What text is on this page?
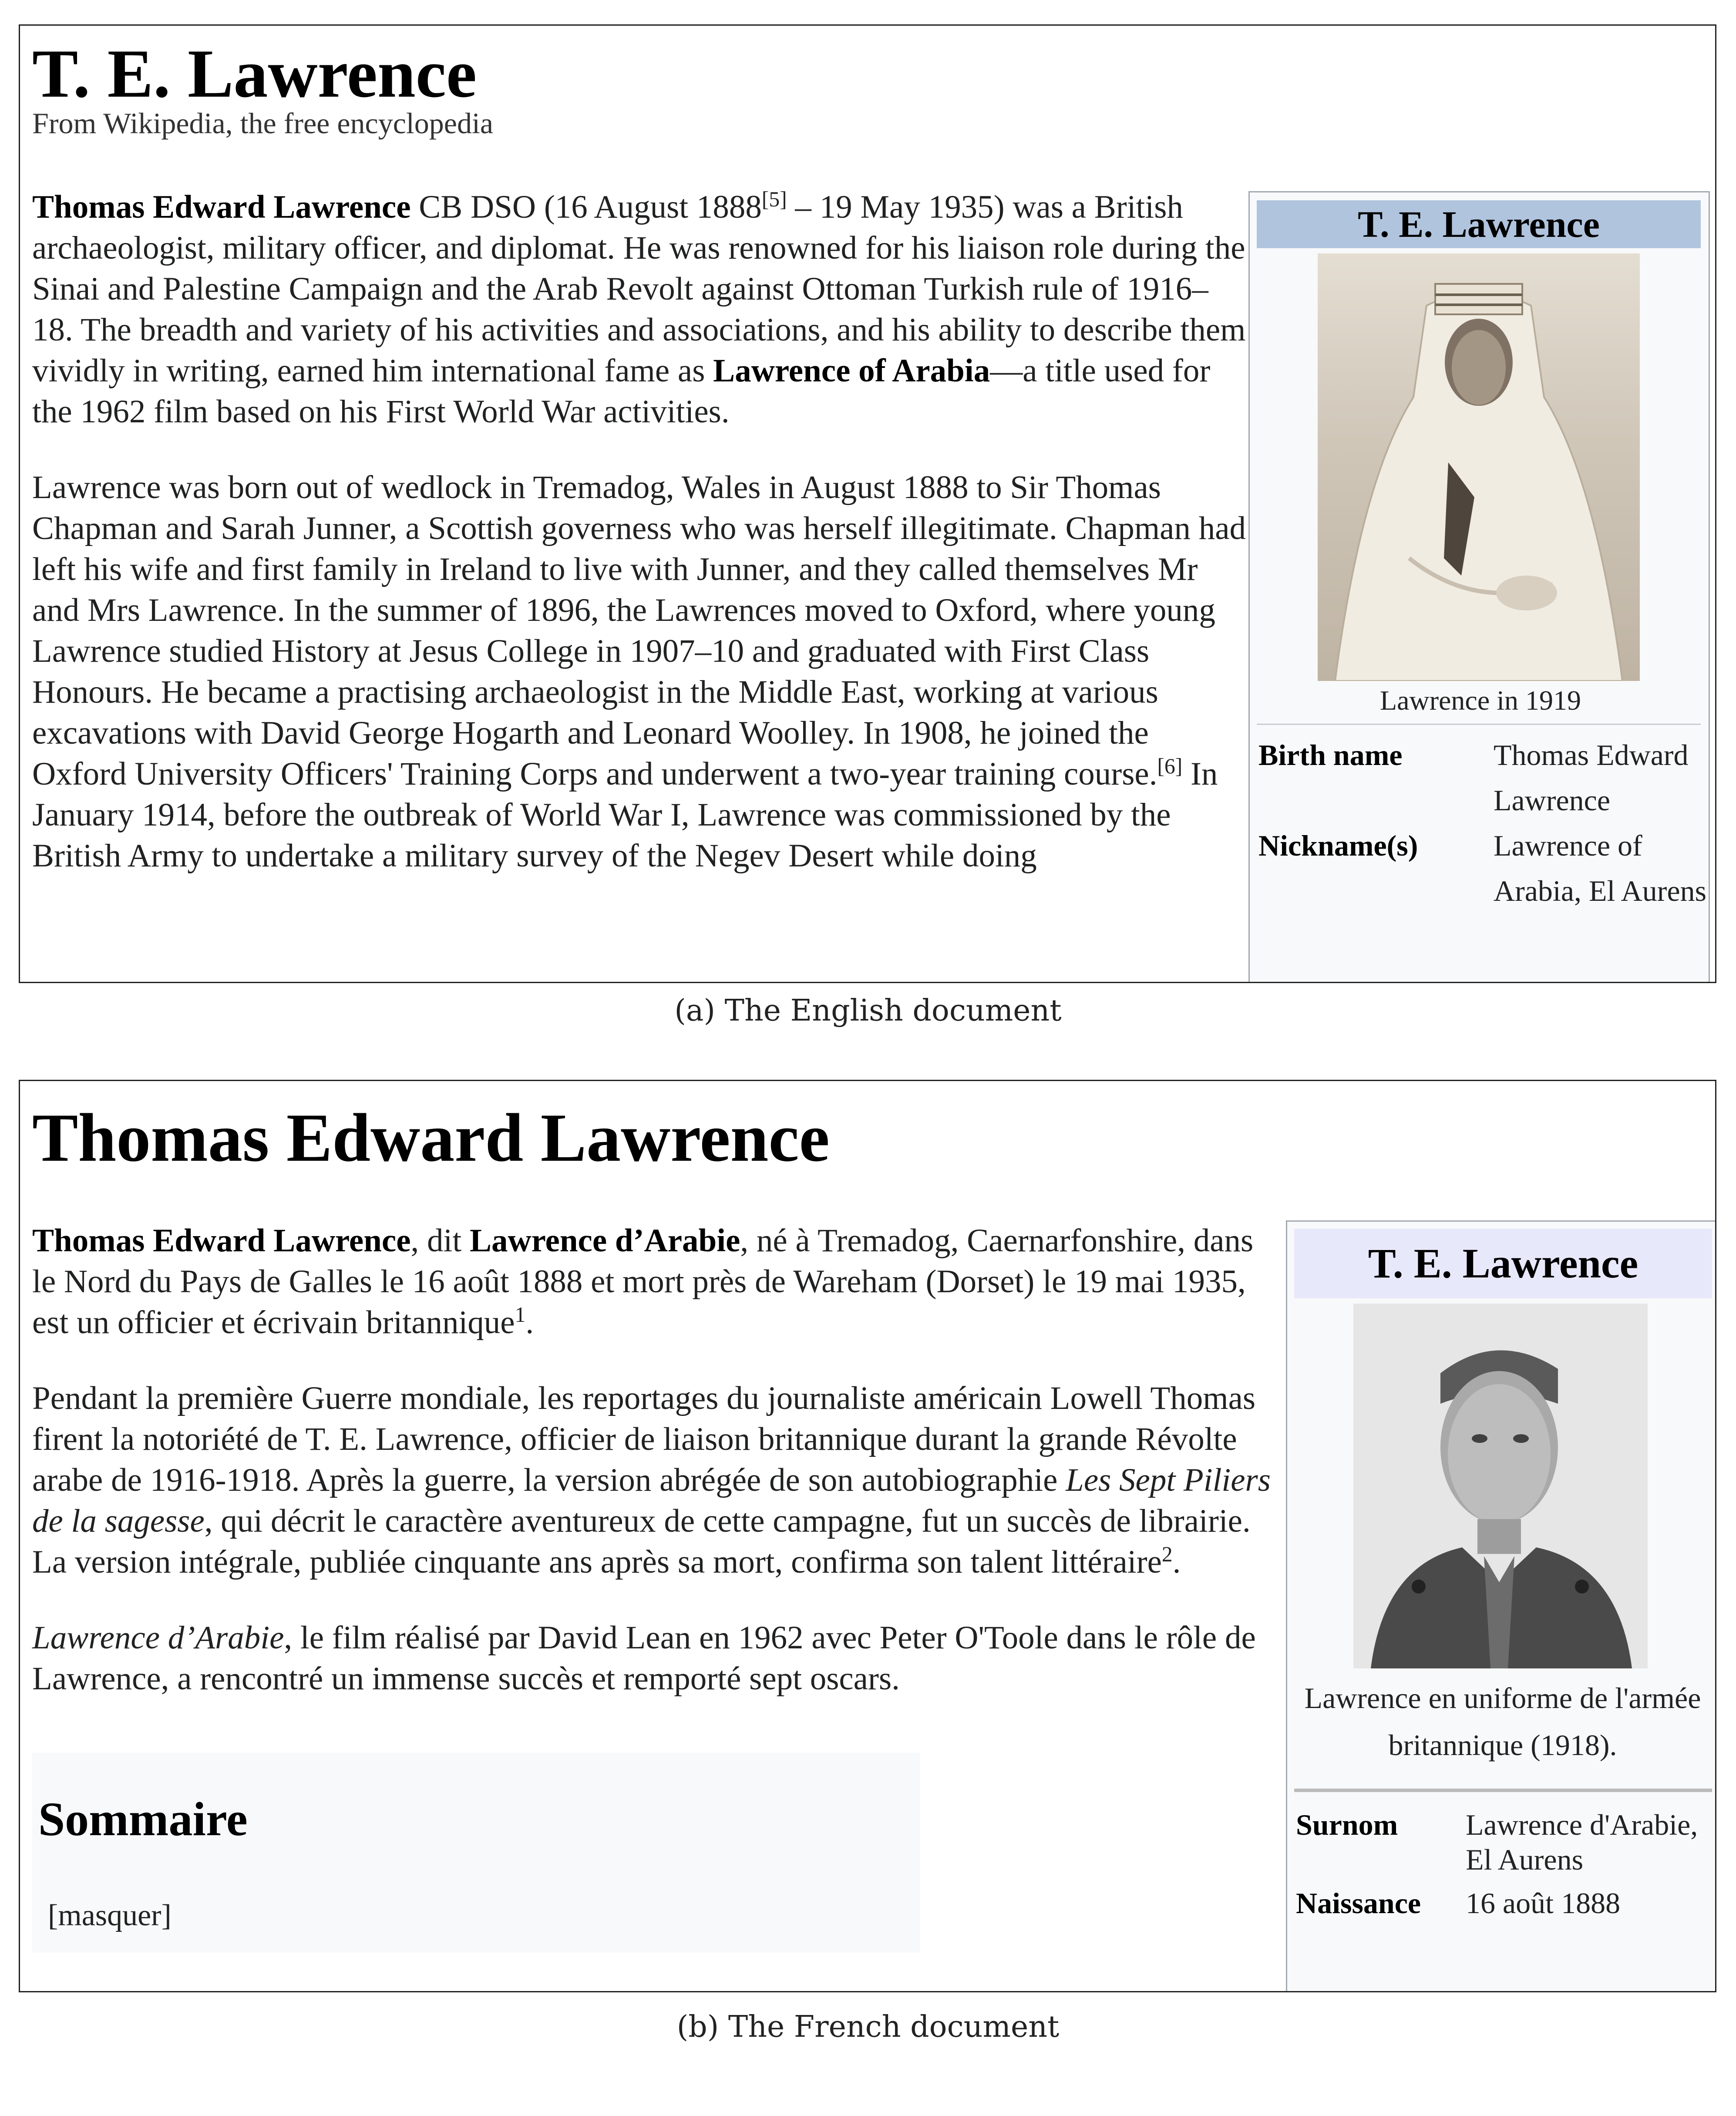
T. E. Lawrence
From Wikipedia, the free encyclopedia

Thomas Edward Lawrence CB DSO (16 August 1888[5] – 19 May 1935) was a British archaeologist, military officer, and diplomat. He was renowned for his liaison role during the Sinai and Palestine Campaign and the Arab Revolt against Ottoman Turkish rule of 1916–18. The breadth and variety of his activities and associations, and his ability to describe them vividly in writing, earned him international fame as Lawrence of Arabia—a title used for the 1962 film based on his First World War activities.

Lawrence was born out of wedlock in Tremadog, Wales in August 1888 to Sir Thomas Chapman and Sarah Junner, a Scottish governess who was herself illegitimate. Chapman had left his wife and first family in Ireland to live with Junner, and they called themselves Mr and Mrs Lawrence. In the summer of 1896, the Lawrences moved to Oxford, where young Lawrence studied History at Jesus College in 1907–10 and graduated with First Class Honours. He became a practising archaeologist in the Middle East, working at various excavations with David George Hogarth and Leonard Woolley. In 1908, he joined the Oxford University Officers' Training Corps and underwent a two-year training course.[6] In January 1914, before the outbreak of World War I, Lawrence was commissioned by the British Army to undertake a military survey of the Negev Desert while doing

T. E. Lawrence
Lawrence in 1919
Birth name	Thomas Edward Lawrence
Nickname(s)	Lawrence of Arabia, El Aurens
(a) The English document
Thomas Edward Lawrence

Thomas Edward Lawrence, dit Lawrence d’Arabie, né à Tremadog, Caernarfonshire, dans le Nord du Pays de Galles le 16 août 1888 et mort près de Wareham (Dorset) le 19 mai 1935, est un officier et écrivain britannique$^1$.

Pendant la première Guerre mondiale, les reportages du journaliste américain Lowell Thomas firent la notoriété de T. E. Lawrence, officier de liaison britannique durant la grande Révolte arabe de 1916-1918. Après la guerre, la version abrégée de son autobiographie Les Sept Piliers de la sagesse, qui décrit le caractère aventureux de cette campagne, fut un succès de librairie. La version intégrale, publiée cinquante ans après sa mort, confirma son talent littéraire$^2$.

Lawrence d’Arabie, le film réalisé par David Lean en 1962 avec Peter O'Toole dans le rôle de Lawrence, a rencontré un immense succès et remporté sept oscars.

Sommaire
[masquer]
T. E. Lawrence
Lawrence en uniforme de l'armée britannique (1918).
Surnom	Lawrence d'Arabie, El Aurens
Naissance	16 août 1888
(b) The French document
